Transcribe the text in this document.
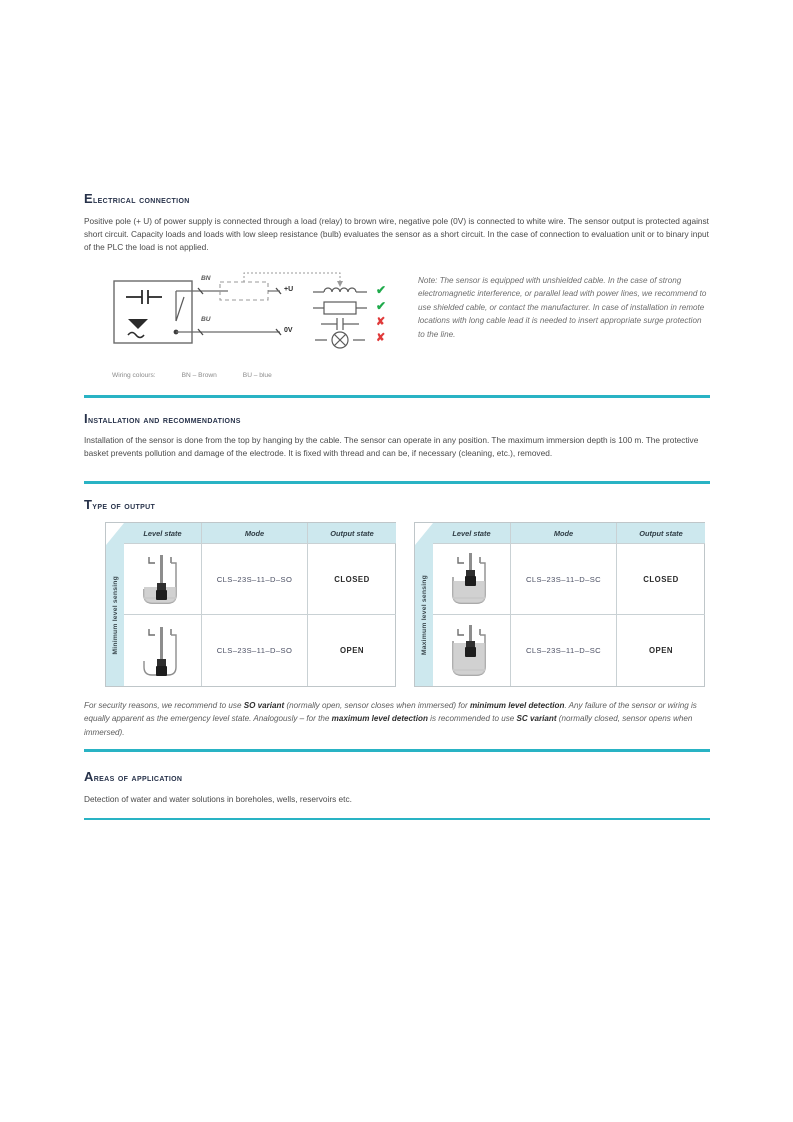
Electrical connection
Positive pole (+ U) of power supply is connected through a load (relay) to brown wire, negative pole (0V) is connected to white wire. The sensor output is protected against short circuit. Capacity loads and loads with low sleep resistance (bulb) evaluates the sensor as a short circuit. In the case of connection to evaluation unit or to binary input of the PLC the load is not applied.
✔
✔
✘
✘
BN
BU
+U
0V
Wiring colours:	BN – Brown	BU – blue
Note: The sensor is equipped with unshielded cable. In the case of strong electromagnetic interference, or parallel lead with power lines, we recommend to use shielded cable, or contact the manufacturer. In case of installation in remote locations with long cable lead it is needed to insert appropriate surge protection to the line.
Installation and recommendations
Installation of the sensor is done from the top by hanging by the cable. The sensor can operate in any position. The maximum immersion depth is 100 m. The protective basket prevents pollution and damage of the electrode. It is fixed with thread and can be, if necessary (cleaning, etc.), removed.
Type of output
Minimum level sensing
Level state	Mode	Output state
CLS–23S–11–D–SO	CLOSED
CLS–23S–11–D–SO	OPEN	Maximum level sensing
Level state	Mode	Output state
CLS–23S–11–D–SC	CLOSED
CLS–23S–11–D–SC	OPEN
For security reasons, we recommend to use SO variant (normally open, sensor closes when immersed) for minimum level detection. Any failure of the sensor or wiring is equally apparent as the emergency level state. Analogously – for the maximum level detection is recommended to use SC variant (normally closed, sensor opens when immersed).
Areas of application
Detection of water and water solutions in boreholes, wells, reservoirs etc.
